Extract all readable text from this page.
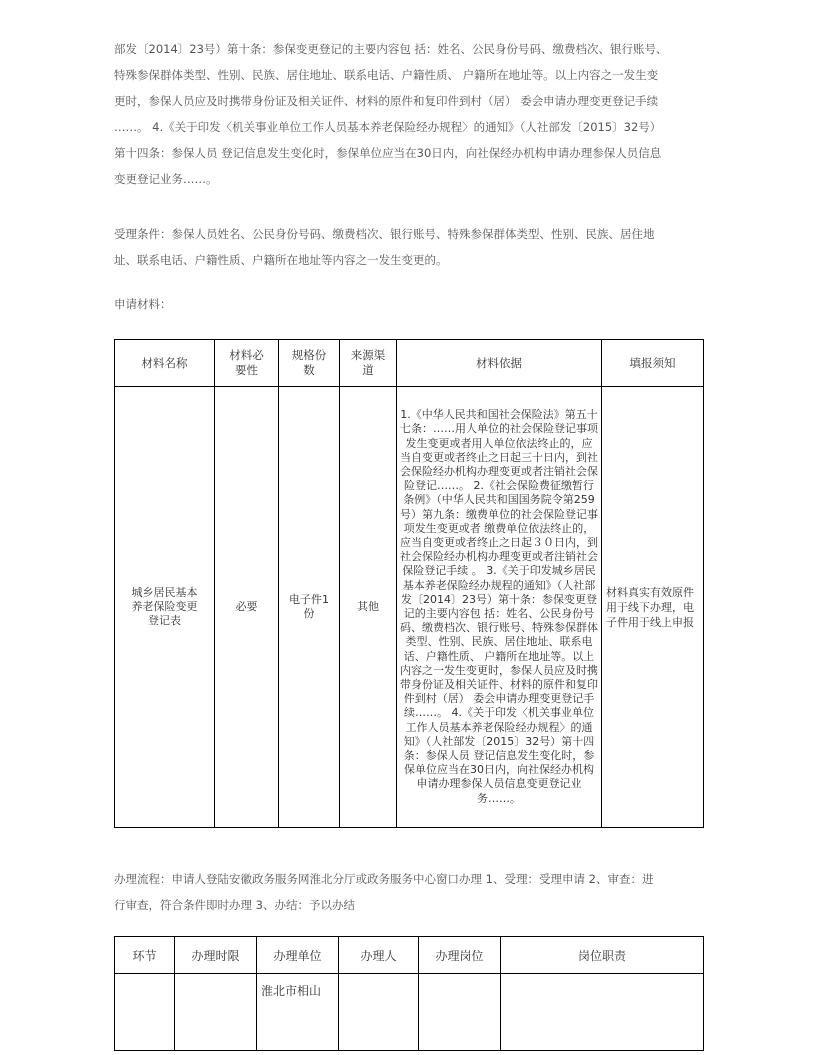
部发〔2014〕23号）第十条：参保变更登记的主要内容包 括：姓名、公民身份号码、缴费档次、银行账号、
特殊参保群体类型、性别、民族、居住地址、联系电话、户籍性质、 户籍所在地址等。以上内容之一发生变
更时，参保人员应及时携带身份证及相关证件、材料的原件和复印件到村（居） 委会申请办理变更登记手续
……。 4.《关于印发〈机关事业单位工作人员基本养老保险经办规程〉的通知》（人社部发〔2015〕32号）
第十四条：参保人员 登记信息发生变化时，参保单位应当在30日内，向社保经办机构申请办理参保人员信息
变更登记业务……。
受理条件：参保人员姓名、公民身份号码、缴费档次、银行账号、特殊参保群体类型、性别、民族、居住地
址、联系电话、户籍性质、户籍所在地址等内容之一发生变更的。
申请材料：
材料名称	材料必要性	规格份数	来源渠道	材料依据	填报须知
城乡居民基本养老保险变更登记表	必要	电子件1份	其他	1.《中华人民共和国社会保险法》第五十七条：……用人单位的社会保险登记事项发生变更或者用人单位依法终止的，应 当自变更或者终止之日起三十日内，到社会保险经办机构办理变更或者注销社会保险登记……。 2.《社会保险费征缴暂行条例》（中华人民共和国国务院令第259号）第九条：缴费单位的社会保险登记事项发生变更或者 缴费单位依法终止的，应当自变更或者终止之日起３０日内，到社会保险经办机构办理变更或者注销社会保险登记手续 。 3.《关于印发城乡居民基本养老保险经办规程的通知》（人社部发〔2014〕23号）第十条：参保变更登记的主要内容包 括：姓名、公民身份号码、缴费档次、银行账号、特殊参保群体类型、性别、民族、居住地址、联系电话、户籍性质、 户籍所在地址等。以上内容之一发生变更时，参保人员应及时携带身份证及相关证件、材料的原件和复印件到村（居） 委会申请办理变更登记手续……。 4.《关于印发〈机关事业单位工作人员基本养老保险经办规程〉的通知》（人社部发〔2015〕32号）第十四条：参保人员 登记信息发生变化时，参保单位应当在30日内，向社保经办机构申请办理参保人员信息变更登记业务……。	材料真实有效原件用于线下办理，电子件用于线上申报
办理流程：申请人登陆安徽政务服务网淮北分厅或政务服务中心窗口办理 1、受理：受理申请 2、审查：进
行审查，符合条件即时办理 3、办结：予以办结
环节	办理时限	办理单位	办理人	办理岗位	岗位职责
		淮北市相山			
